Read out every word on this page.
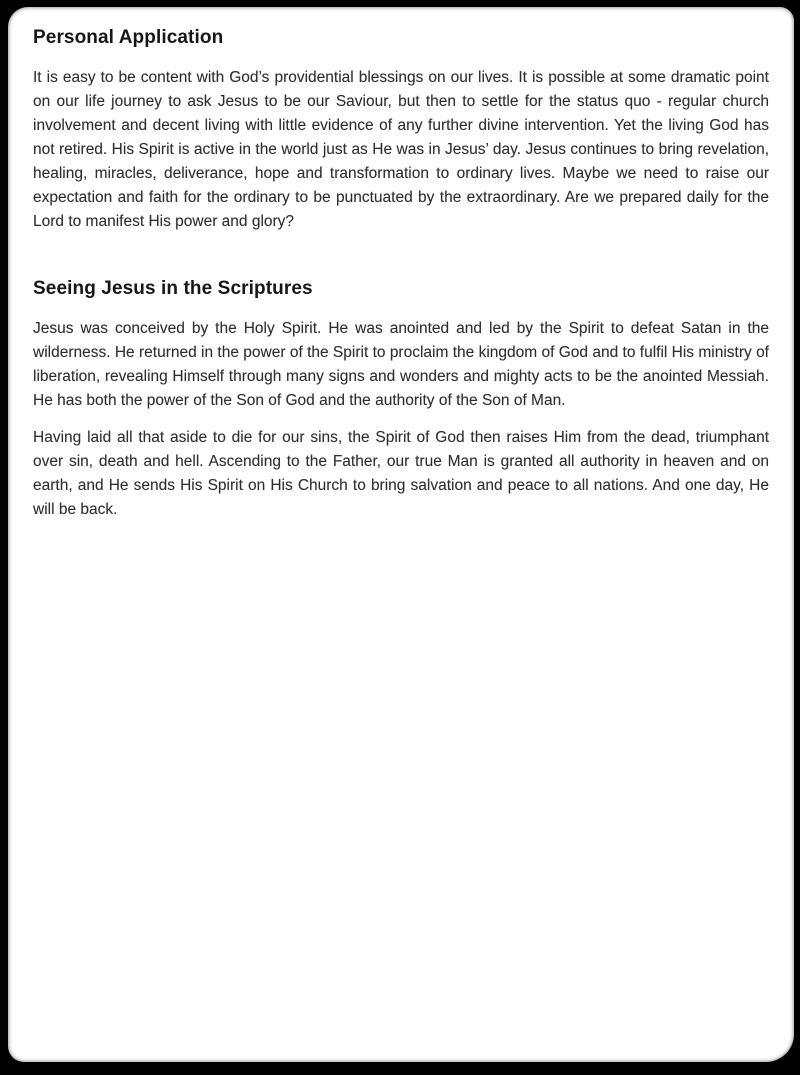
Personal Application

It is easy to be content with God’s providential blessings on our lives. It is possible at some dramatic point on our life journey to ask Jesus to be our Saviour, but then to settle for the status quo - regular church involvement and decent living with little evidence of any further divine intervention. Yet the living God has not retired. His Spirit is active in the world just as He was in Jesus’ day. Jesus continues to bring revelation, healing, miracles, deliverance, hope and transformation to ordinary lives. Maybe we need to raise our expectation and faith for the ordinary to be punctuated by the extraordinary. Are we prepared daily for the Lord to manifest His power and glory?

Seeing Jesus in the Scriptures

Jesus was conceived by the Holy Spirit. He was anointed and led by the Spirit to defeat Satan in the wilderness. He returned in the power of the Spirit to proclaim the kingdom of God and to fulfil His ministry of liberation, revealing Himself through many signs and wonders and mighty acts to be the anointed Messiah. He has both the power of the Son of God and the authority of the Son of Man.

Having laid all that aside to die for our sins, the Spirit of God then raises Him from the dead, triumphant over sin, death and hell. Ascending to the Father, our true Man is granted all authority in heaven and on earth, and He sends His Spirit on His Church to bring salvation and peace to all nations. And one day, He will be back.
